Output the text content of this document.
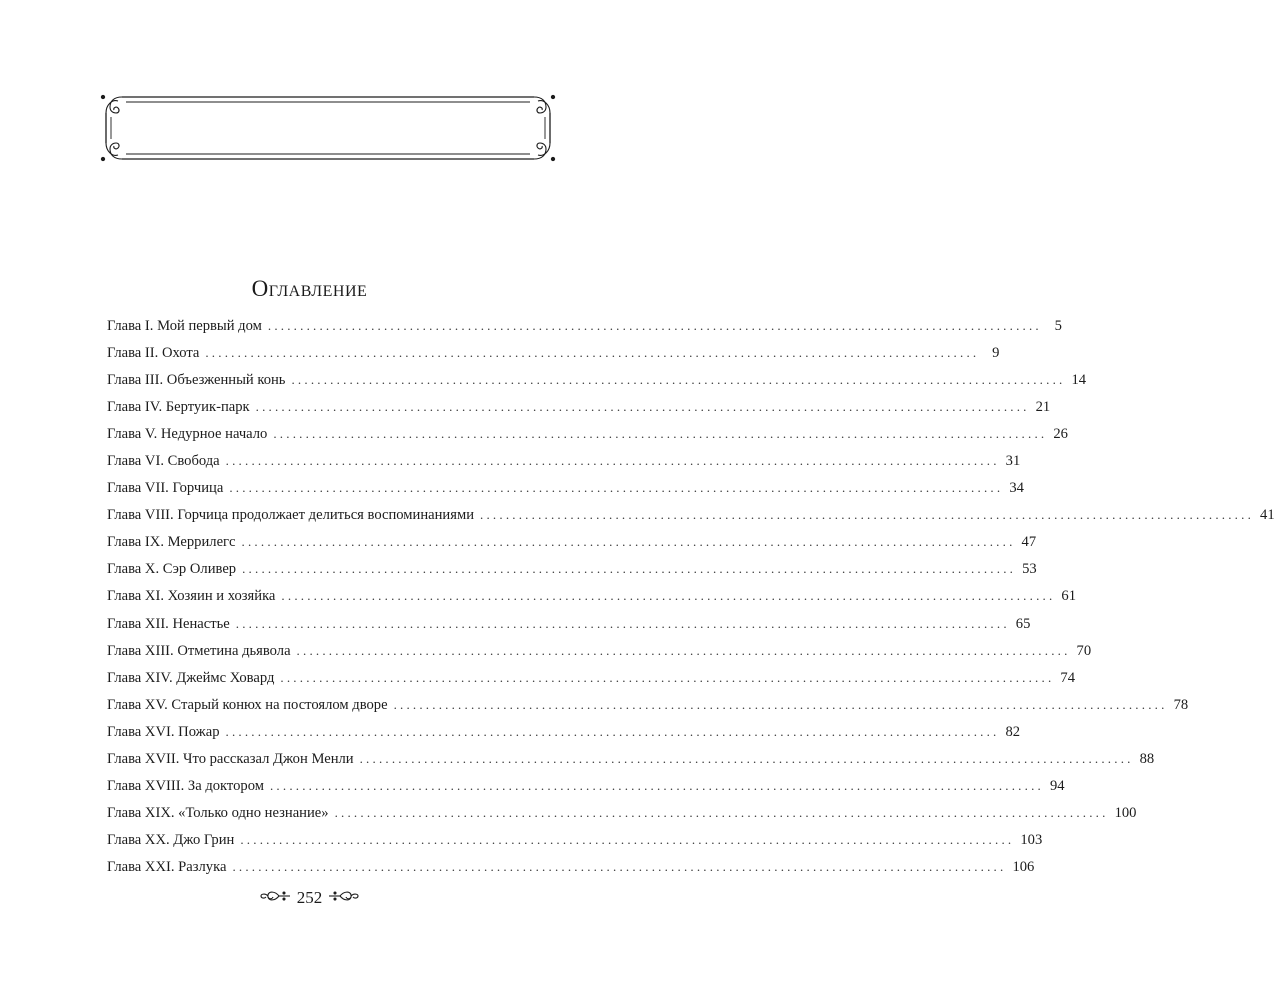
Оглавление
Глава I. Мой первый дом ........................................................................................................................ 5
Глава II. Охота ........................................................................................................................ 9
Глава III. Объезженный конь ........................................................................................................................ 14
Глава IV. Бертуик-парк ........................................................................................................................ 21
Глава V. Недурное начало ........................................................................................................................ 26
Глава VI. Свобода ........................................................................................................................ 31
Глава VII. Горчица ........................................................................................................................ 34
Глава VIII. Горчица продолжает делиться воспоминаниями ........................................................................................................................ 41
Глава IX. Меррилегс ........................................................................................................................ 47
Глава X. Сэр Оливер ........................................................................................................................ 53
Глава XI. Хозяин и хозяйка ........................................................................................................................ 61
Глава XII. Ненастье ........................................................................................................................ 65
Глава XIII. Отметина дьявола ........................................................................................................................ 70
Глава XIV. Джеймс Ховард ........................................................................................................................ 74
Глава XV. Старый конюх на постоялом дворе ........................................................................................................................ 78
Глава XVI. Пожар ........................................................................................................................ 82
Глава XVII. Что рассказал Джон Менли ........................................................................................................................ 88
Глава XVIII. За доктором ........................................................................................................................ 94
Глава XIX. «Только одно незнание» ........................................................................................................................ 100
Глава XX. Джо Грин ........................................................................................................................ 103
Глава XXI. Разлука ........................................................................................................................ 106
252
